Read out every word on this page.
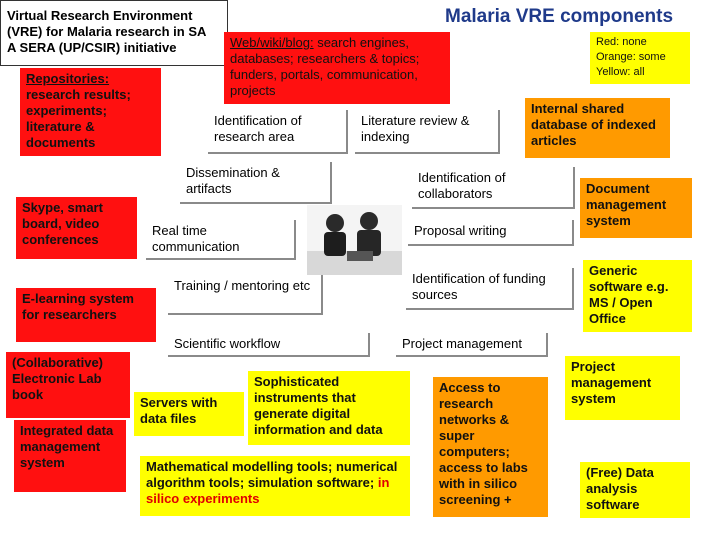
Virtual Research Environment
(VRE) for Malaria research in SA
A SERA (UP/CSIR) initiative
Malaria VRE components
Red: none
Orange: some
Yellow: all
Repositories: research results; experiments; literature & documents
Web/wiki/blog: search engines, databases; researchers & topics; funders, portals, communication, projects
Identification of research area
Literature review & indexing
Internal shared database of indexed articles
Dissemination & artifacts
Identification of collaborators	Document management system
Skype, smart board, video conferences
Real time communication
Proposal writing
Generic software e.g. MS / Open Office
Training / mentoring etc	Identification of funding sources
E-learning system for researchers
Scientific workflow	Project management
(Collaborative) Electronic Lab book
Project management system
Servers with data files
Sophisticated instruments that generate digital information and data
Access to research networks & super computers; access to labs with in silico screening +
Integrated data management system	Mathematical modelling tools; numerical algorithm tools; simulation software; in silico experiments
(Free) Data analysis software
